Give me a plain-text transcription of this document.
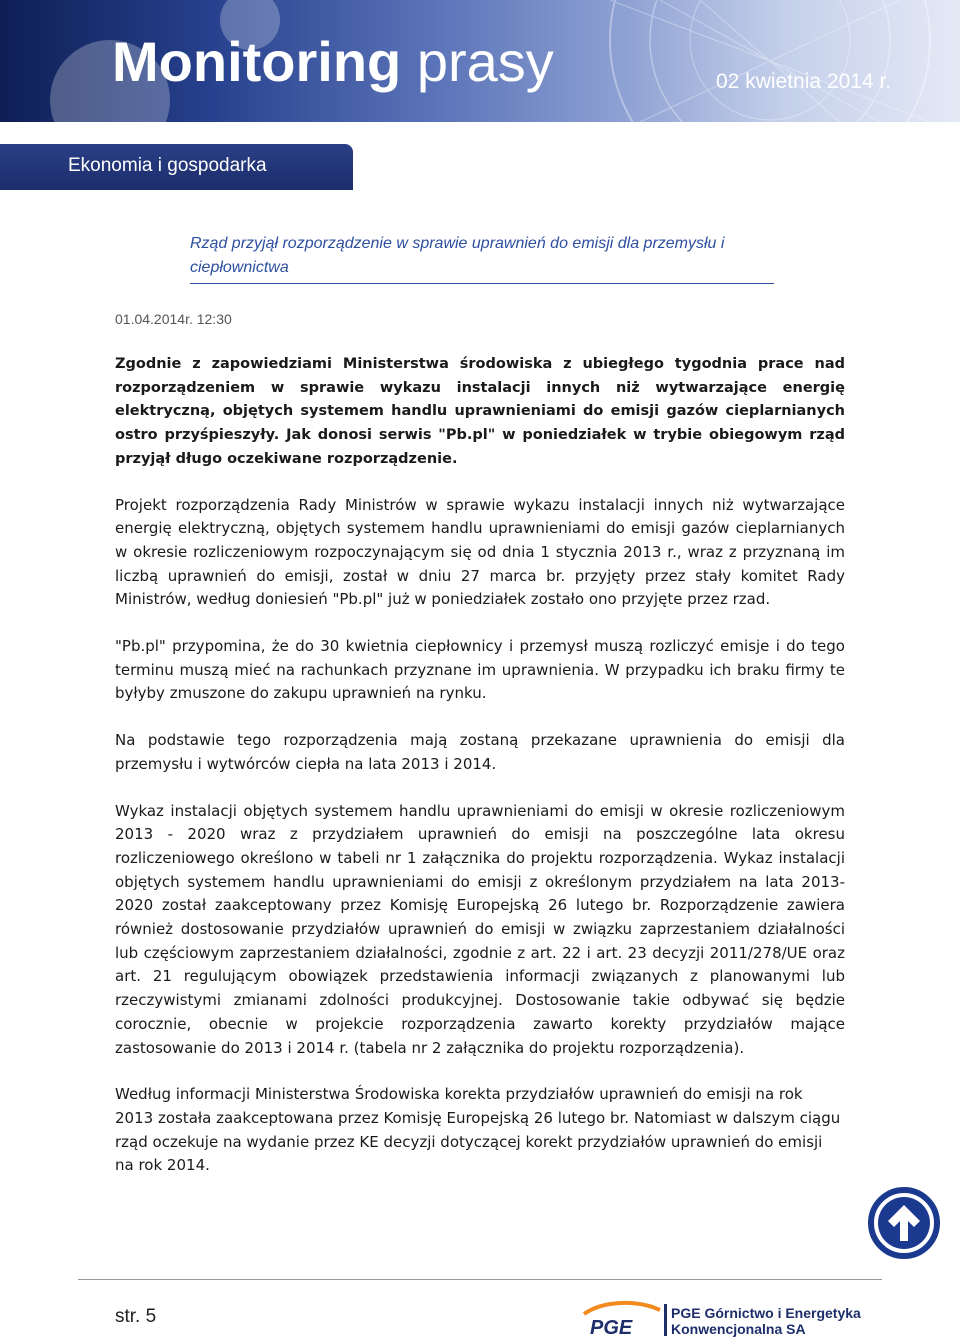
Monitoring prasy	02 kwietnia 2014 r.
Ekonomia i gospodarka
Rząd przyjął rozporządzenie w sprawie uprawnień do emisji dla przemysłu i ciepłownictwa
01.04.2014r. 12:30

Zgodnie z zapowiedziami Ministerstwa środowiska z ubiegłego tygodnia prace nad rozporządzeniem w sprawie wykazu instalacji innych niż wytwarzające energię elektryczną, objętych systemem handlu uprawnieniami do emisji gazów cieplarnianych ostro przyśpieszyły. Jak donosi serwis "Pb.pl" w poniedziałek w trybie obiegowym rząd przyjął długo oczekiwane rozporządzenie.

Projekt rozporządzenia Rady Ministrów w sprawie wykazu instalacji innych niż wytwarzające energię elektryczną, objętych systemem handlu uprawnieniami do emisji gazów cieplarnianych w okresie rozliczeniowym rozpoczynającym się od dnia 1 stycznia 2013 r., wraz z przyznaną im liczbą uprawnień do emisji, został w dniu 27 marca br. przyjęty przez stały komitet Rady Ministrów, według doniesień "Pb.pl" już w poniedziałek zostało ono przyjęte przez rzad.

"Pb.pl" przypomina, że do 30 kwietnia ciepłownicy i przemysł muszą rozliczyć emisje i do tego terminu muszą mieć na rachunkach przyznane im uprawnienia. W przypadku ich braku firmy te byłyby zmuszone do zakupu uprawnień na rynku.

Na podstawie tego rozporządzenia mają zostaną przekazane uprawnienia do emisji dla przemysłu i wytwórców ciepła na lata 2013 i 2014.

Wykaz instalacji objętych systemem handlu uprawnieniami do emisji w okresie rozliczeniowym 2013 - 2020 wraz z przydziałem uprawnień do emisji na poszczególne lata okresu rozliczeniowego określono w tabeli nr 1 załącznika do projektu rozporządzenia. Wykaz instalacji objętych systemem handlu uprawnieniami do emisji z określonym przydziałem na lata 2013-2020 został zaakceptowany przez Komisję Europejską 26 lutego br. Rozporządzenie zawiera również dostosowanie przydziałów uprawnień do emisji w związku zaprzestaniem działalności lub częściowym zaprzestaniem działalności, zgodnie z art. 22 i art. 23 decyzji 2011/278/UE oraz art. 21 regulującym obowiązek przedstawienia informacji związanych z planowanymi lub rzeczywistymi zmianami zdolności produkcyjnej. Dostosowanie takie odbywać się będzie corocznie, obecnie w projekcie rozporządzenia zawarto korekty przydziałów mające zastosowanie do 2013 i 2014 r. (tabela nr 2 załącznika do projektu rozporządzenia).

Według informacji Ministerstwa Środowiska korekta przydziałów uprawnień do emisji na rok 2013 została zaakceptowana przez Komisję Europejską 26 lutego br. Natomiast w dalszym ciągu rząd oczekuje na wydanie przez KE decyzji dotyczącej korekt przydziałów uprawnień do emisji na rok 2014.

str. 5
PGE
PGE Górnictwo i Energetyka
Konwencjonalna SA
